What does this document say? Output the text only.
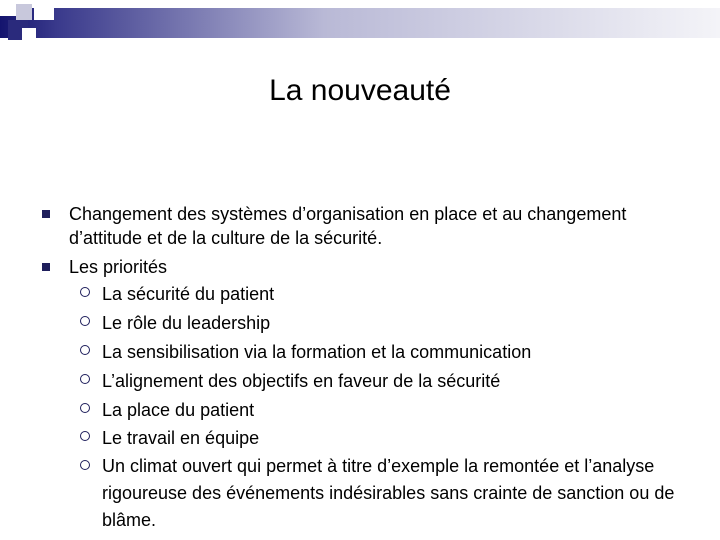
La nouveauté
Changement des systèmes d’organisation en place et au changement d’attitude et de la culture de la sécurité.
Les priorités
La sécurité du patient
Le rôle du leadership
La sensibilisation via la formation et la communication
L’alignement des objectifs en faveur de la sécurité
La place du patient
Le travail en équipe
Un climat ouvert qui permet à titre d’exemple la remontée et l’analyse rigoureuse des événements indésirables sans crainte de sanction ou de blâme.
